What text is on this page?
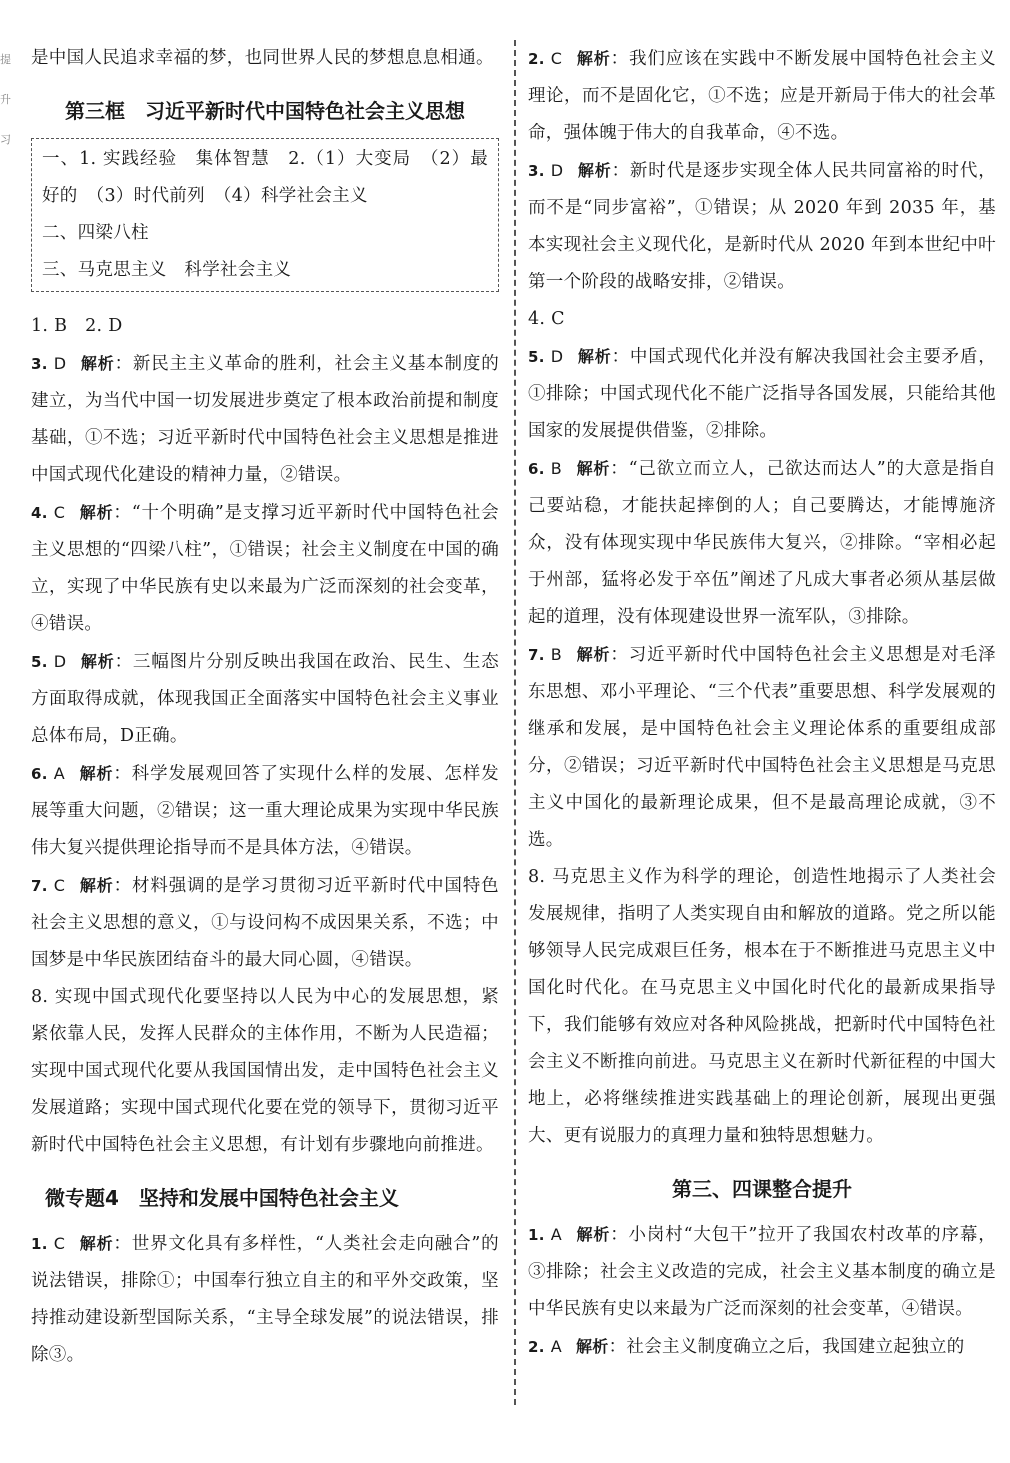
提
升
习

是中国人民追求幸福的梦，也同世界人民的梦想息息相通。

第三框　习近平新时代中国特色社会主义思想

一、1. 实践经验　集体智慧　2.（1）大变局　（2）最好的　（3）时代前列　（4）科学社会主义

二、四梁八柱

三、马克思主义　科学社会主义

1. B　2. D

3. D 解析：新民主主义革命的胜利，社会主义基本制度的建立，为当代中国一切发展进步奠定了根本政治前提和制度基础，①不选；习近平新时代中国特色社会主义思想是推进中国式现代化建设的精神力量，②错误。

4. C 解析：“十个明确”是支撑习近平新时代中国特色社会主义思想的“四梁八柱”，①错误；社会主义制度在中国的确立，实现了中华民族有史以来最为广泛而深刻的社会变革，④错误。

5. D 解析：三幅图片分别反映出我国在政治、民生、生态方面取得成就，体现我国正全面落实中国特色社会主义事业总体布局，D正确。

6. A 解析：科学发展观回答了实现什么样的发展、怎样发展等重大问题，②错误；这一重大理论成果为实现中华民族伟大复兴提供理论指导而不是具体方法，④错误。

7. C 解析：材料强调的是学习贯彻习近平新时代中国特色社会主义思想的意义，①与设问构不成因果关系，不选；中国梦是中华民族团结奋斗的最大同心圆，④错误。

8. 实现中国式现代化要坚持以人民为中心的发展思想，紧紧依靠人民，发挥人民群众的主体作用，不断为人民造福；实现中国式现代化要从我国国情出发，走中国特色社会主义发展道路；实现中国式现代化要在党的领导下，贯彻习近平新时代中国特色社会主义思想，有计划有步骤地向前推进。

微专题4　坚持和发展中国特色社会主义

1. C 解析：世界文化具有多样性，“人类社会走向融合”的说法错误，排除①；中国奉行独立自主的和平外交政策，坚持推动建设新型国际关系，“主导全球发展”的说法错误，排除③。

2. C 解析：我们应该在实践中不断发展中国特色社会主义理论，而不是固化它，①不选；应是开新局于伟大的社会革命，强体魄于伟大的自我革命，④不选。

3. D 解析：新时代是逐步实现全体人民共同富裕的时代，而不是“同步富裕”，①错误；从 2020 年到 2035 年，基本实现社会主义现代化，是新时代从 2020 年到本世纪中叶第一个阶段的战略安排，②错误。

4. C

5. D 解析：中国式现代化并没有解决我国社会主要矛盾，①排除；中国式现代化不能广泛指导各国发展，只能给其他国家的发展提供借鉴，②排除。

6. B 解析：“己欲立而立人，己欲达而达人”的大意是指自己要站稳，才能扶起摔倒的人；自己要腾达，才能博施济众，没有体现实现中华民族伟大复兴，②排除。“宰相必起于州部，猛将必发于卒伍”阐述了凡成大事者必须从基层做起的道理，没有体现建设世界一流军队，③排除。

7. B 解析：习近平新时代中国特色社会主义思想是对毛泽东思想、邓小平理论、“三个代表”重要思想、科学发展观的继承和发展，是中国特色社会主义理论体系的重要组成部分，②错误；习近平新时代中国特色社会主义思想是马克思主义中国化的最新理论成果，但不是最高理论成就，③不选。

8. 马克思主义作为科学的理论，创造性地揭示了人类社会发展规律，指明了人类实现自由和解放的道路。党之所以能够领导人民完成艰巨任务，根本在于不断推进马克思主义中国化时代化。在马克思主义中国化时代化的最新成果指导下，我们能够有效应对各种风险挑战，把新时代中国特色社会主义不断推向前进。马克思主义在新时代新征程的中国大地上，必将继续推进实践基础上的理论创新，展现出更强大、更有说服力的真理力量和独特思想魅力。

第三、四课整合提升

1. A 解析：小岗村“大包干”拉开了我国农村改革的序幕，③排除；社会主义改造的完成，社会主义基本制度的确立是中华民族有史以来最为广泛而深刻的社会变革，④错误。

2. A 解析：社会主义制度确立之后，我国建立起独立的
